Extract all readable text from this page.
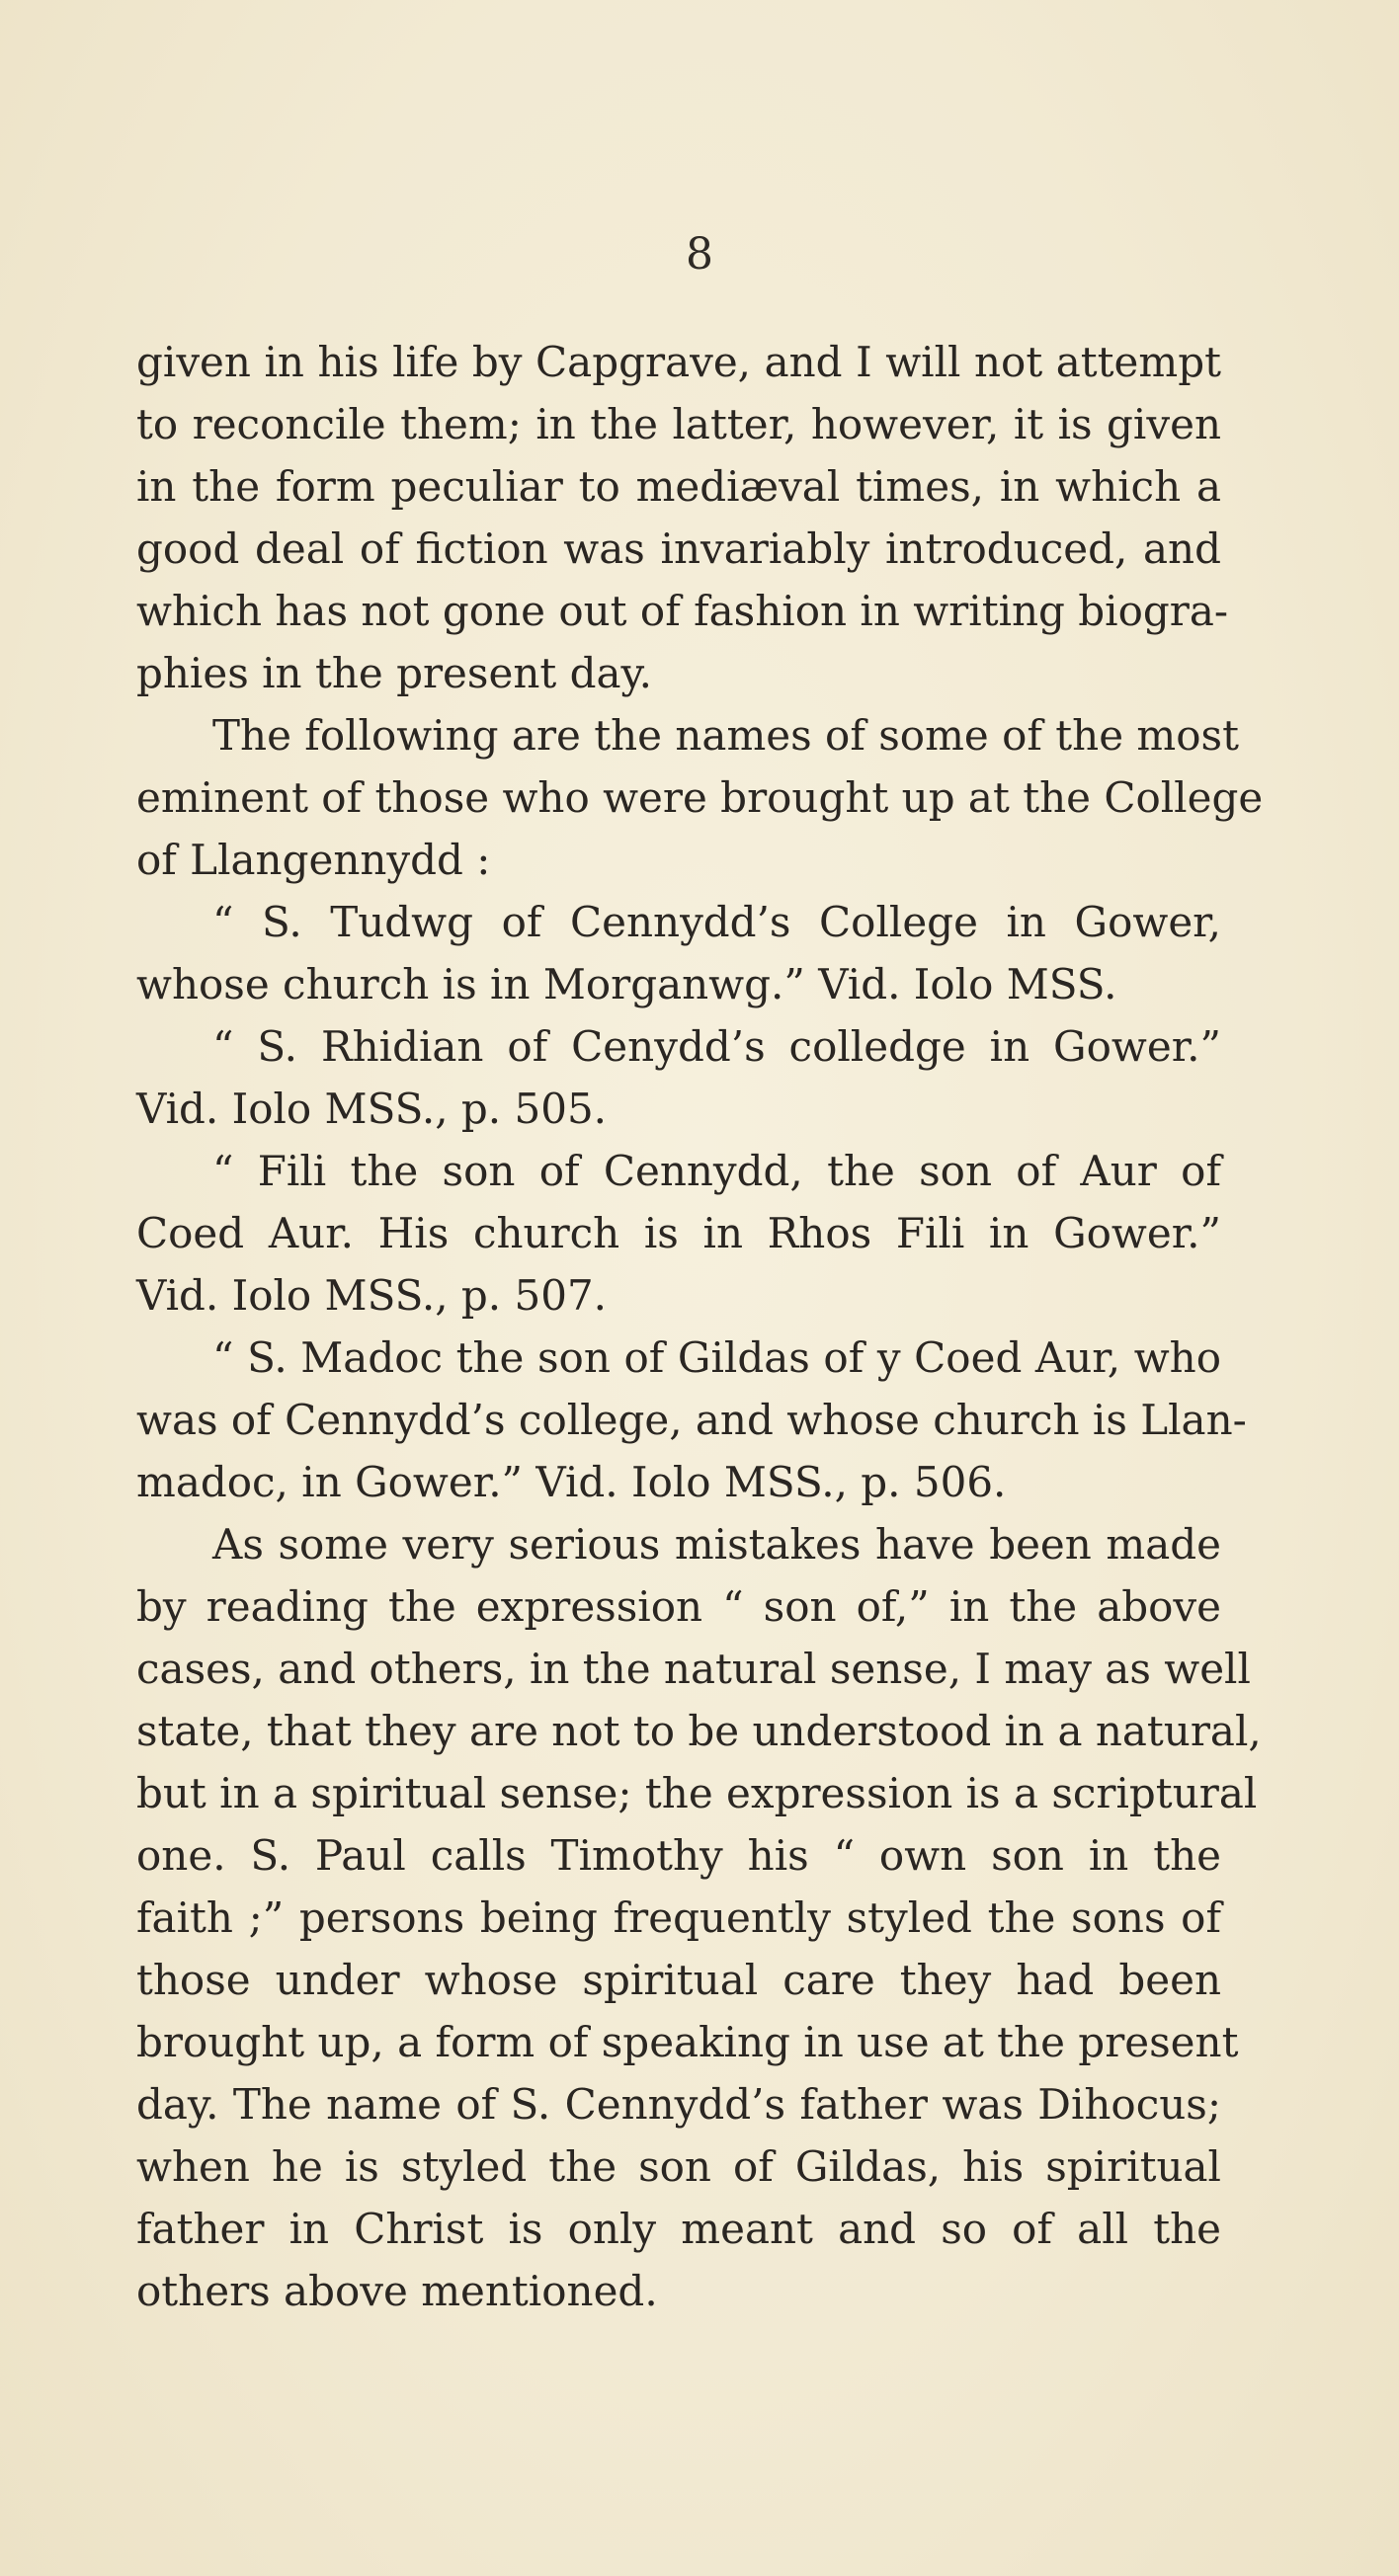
8
given in his life by Capgrave, and I will not attempt
to reconcile them; in the latter, however, it is given
in the form peculiar to mediæval times, in which a
good deal of fiction was invariably introduced, and
which has not gone out of fashion in writing biogra-
phies in the present day.
The following are the names of some of the most
eminent of those who were brought up at the College
of Llangennydd :
“ S. Tudwg of Cennydd’s College in Gower,
whose church is in Morganwg.” Vid. Iolo MSS.
“ S. Rhidian of Cenydd’s colledge in Gower.”
Vid. Iolo MSS., p. 505.
“ Fili the son of Cennydd, the son of Aur of
Coed Aur. His church is in Rhos Fili in Gower.”
Vid. Iolo MSS., p. 507.
“ S. Madoc the son of Gildas of y Coed Aur, who
was of Cennydd’s college, and whose church is Llan-
madoc, in Gower.” Vid. Iolo MSS., p. 506.
As some very serious mistakes have been made
by reading the expression “ son of,” in the above
cases, and others, in the natural sense, I may as well
state, that they are not to be understood in a natural,
but in a spiritual sense; the expression is a scriptural
one. S. Paul calls Timothy his “ own son in the
faith ;” persons being frequently styled the sons of
those under whose spiritual care they had been
brought up, a form of speaking in use at the present
day. The name of S. Cennydd’s father was Dihocus;
when he is styled the son of Gildas, his spiritual
father in Christ is only meant and so of all the
others above mentioned.
